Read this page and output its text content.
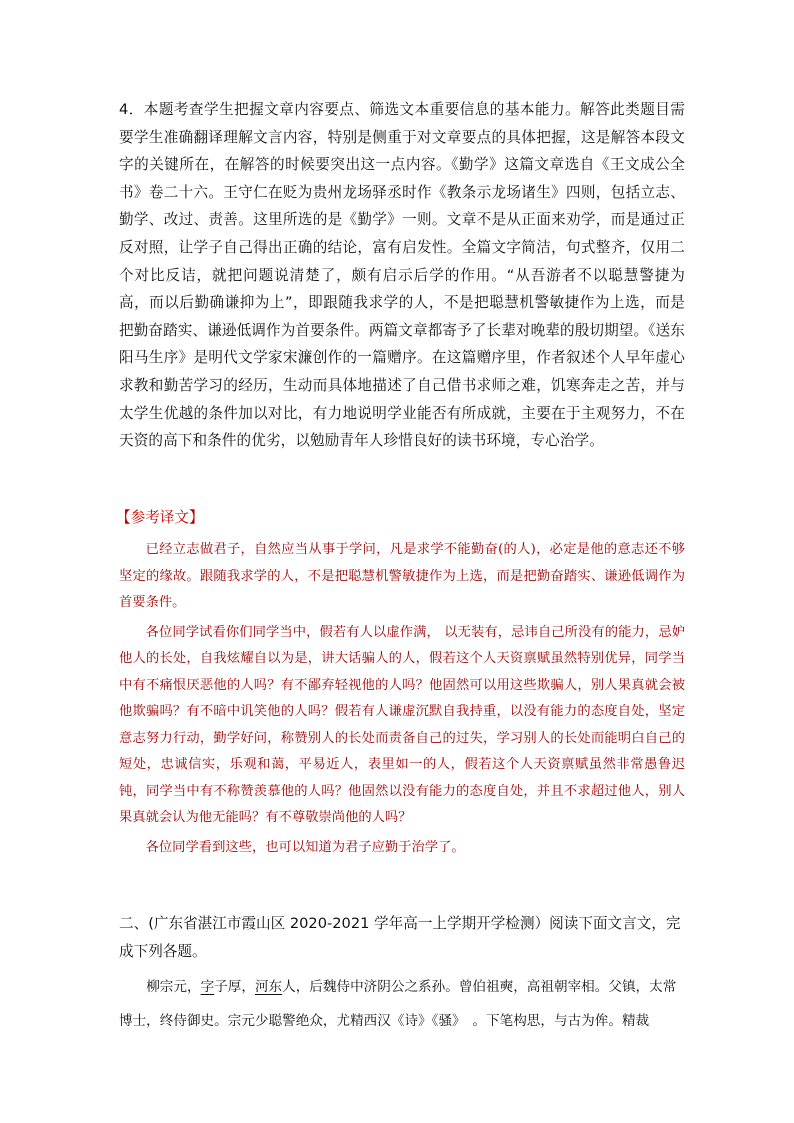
4．本题考查学生把握文章内容要点、筛选文本重要信息的基本能力。解答此类题目需要学生准确翻译理解文言内容，特别是侧重于对文章要点的具体把握，这是解答本段文字的关键所在，在解答的时候要突出这一点内容。《勤学》这篇文章选自《王文成公全书》卷二十六。王守仁在贬为贵州龙场驿丞时作《教条示龙场诸生》四则，包括立志、勤学、改过、责善。这里所选的是《勤学》一则。文章不是从正面来劝学，而是通过正反对照，让学子自己得出正确的结论，富有启发性。全篇文字简洁，句式整齐，仅用二个对比反诘，就把问题说清楚了，颇有启示后学的作用。“从吾游者不以聪慧警捷为高，而以后勤确谦抑为上”，即跟随我求学的人，不是把聪慧机警敏捷作为上选，而是把勤奋踏实、谦逊低调作为首要条件。两篇文章都寄予了长辈对晚辈的殷切期望。《送东阳马生序》是明代文学家宋濂创作的一篇赠序。在这篇赠序里，作者叙述个人早年虚心求教和勤苦学习的经历，生动而具体地描述了自己借书求师之难，饥寒奔走之苦，并与太学生优越的条件加以对比，有力地说明学业能否有所成就，主要在于主观努力，不在天资的高下和条件的优劣，以勉励青年人珍惜良好的读书环境，专心治学。
【参考译文】

已经立志做君子，自然应当从事于学问，凡是求学不能勤奋(的人)，必定是他的意志还不够坚定的缘故。跟随我求学的人，不是把聪慧机警敏捷作为上选，而是把勤奋踏实、谦逊低调作为首要条件。

各位同学试看你们同学当中，假若有人以虚作满， 以无装有，忌讳自己所没有的能力，忌妒他人的长处，自我炫耀自以为是，讲大话骗人的人，假若这个人天资禀赋虽然特别优异，同学当中有不痛恨厌恶他的人吗？有不鄙弃轻视他的人吗？他固然可以用这些欺骗人，别人果真就会被他欺骗吗？有不暗中讥笑他的人吗？假若有人谦虚沉默自我持重，以没有能力的态度自处，坚定意志努力行动，勤学好问，称赞别人的长处而责备自己的过失，学习别人的长处而能明白自己的短处，忠诚信实，乐观和蔼，平易近人，表里如一的人，假若这个人天资禀赋虽然非常愚鲁迟钝，同学当中有不称赞羡慕他的人吗？他固然以没有能力的态度自处，并且不求超过他人，别人果真就会认为他无能吗？有不尊敬崇尚他的人吗？

各位同学看到这些，也可以知道为君子应勤于治学了。

二、(广东省湛江市霞山区 2020-2021 学年高一上学期开学检测）阅读下面文言文，完成下列各题。
柳宗元，字子厚，河东人，后魏侍中济阴公之系孙。曾伯祖奭，高祖朝宰相。父镇，太常博士，终侍御史。宗元少聪警绝众，尤精西汉《诗》《骚》　。下笔构思，与古为侔。精裁
